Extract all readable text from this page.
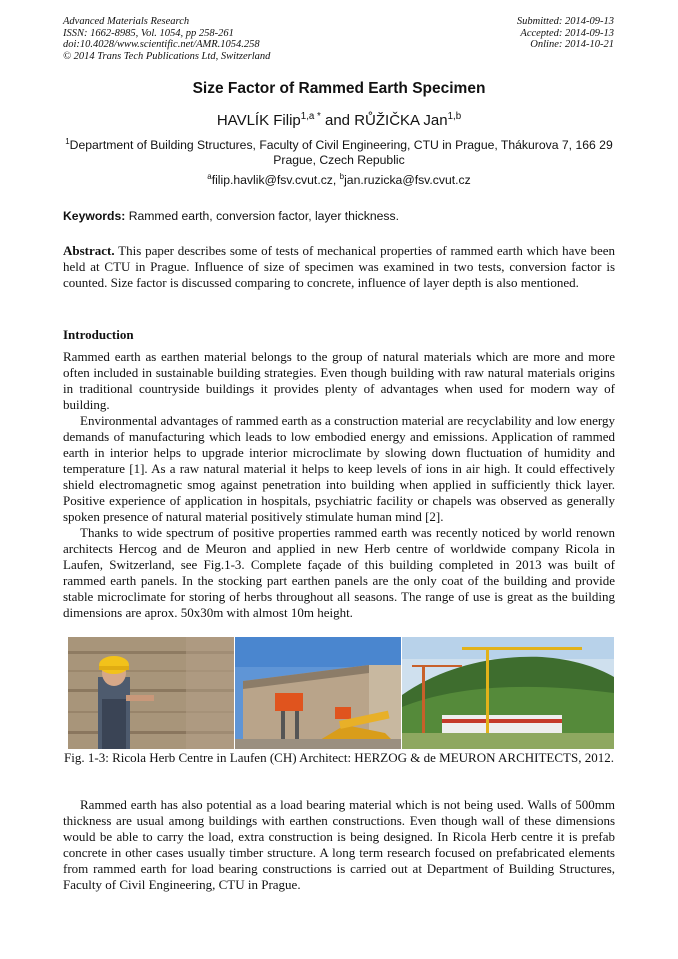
Advanced Materials Research
ISSN: 1662-8985, Vol. 1054, pp 258-261
doi:10.4028/www.scientific.net/AMR.1054.258
© 2014 Trans Tech Publications Ltd, Switzerland
Submitted: 2014-09-13
Accepted: 2014-09-13
Online: 2014-10-21
Size Factor of Rammed Earth Specimen
HAVLÍK Filip$^{1,a *}$ and RŮŽIČKA Jan$^{1,b}$
$^1$Department of Building Structures, Faculty of Civil Engineering, CTU in Prague, Thákurova 7, 166 29 Prague, Czech Republic
$^a$filip.havlik@fsv.cvut.cz, $^b$jan.ruzicka@fsv.cvut.cz
Keywords: Rammed earth, conversion factor, layer thickness.
Abstract. This paper describes some of tests of mechanical properties of rammed earth which have been held at CTU in Prague. Influence of size of specimen was examined in two tests, conversion factor is counted. Size factor is discussed comparing to concrete, influence of layer depth is also mentioned.
Introduction

Rammed earth as earthen material belongs to the group of natural materials which are more and more often included in sustainable building strategies. Even though building with raw natural materials origins in traditional countryside buildings it provides plenty of advantages when used for modern way of building.

Environmental advantages of rammed earth as a construction material are recyclability and low energy demands of manufacturing which leads to low embodied energy and emissions. Application of rammed earth in interior helps to upgrade interior microclimate by slowing down fluctuation of humidity and temperature [1]. As a raw natural material it helps to keep levels of ions in air high. It could effectively shield electromagnetic smog against penetration into building when applied in sufficiently thick layer. Positive experience of application in hospitals, psychiatric facility or chapels was observed as generally spoken presence of natural material positively stimulate human mind [2].

Thanks to wide spectrum of positive properties rammed earth was recently noticed by world renown architects Hercog and de Meuron and applied in new Herb centre of worldwide company Ricola in Laufen, Switzerland, see Fig.1-3. Complete façade of this building completed in 2013 was built of rammed earth panels. In the stocking part earthen panels are the only coat of the building and provide stable microclimate for storing of herbs throughout all seasons. The range of use is great as the building dimensions are aprox. 50x30m with almost 10m height.

Fig. 1-3: Ricola Herb Centre in Laufen (CH) Architect: HERZOG & de MEURON ARCHITECTS, 2012.
Rammed earth has also potential as a load bearing material which is not being used. Walls of 500mm thickness are usual among buildings with earthen constructions. Even though wall of these dimensions would be able to carry the load, extra construction is being designed. In Ricola Herb centre it is prefab concrete in other cases usually timber structure. A long term research focused on prefabricated elements from rammed earth for load bearing constructions is carried out at Department of Building Structures, Faculty of Civil Engineering, CTU in Prague.
